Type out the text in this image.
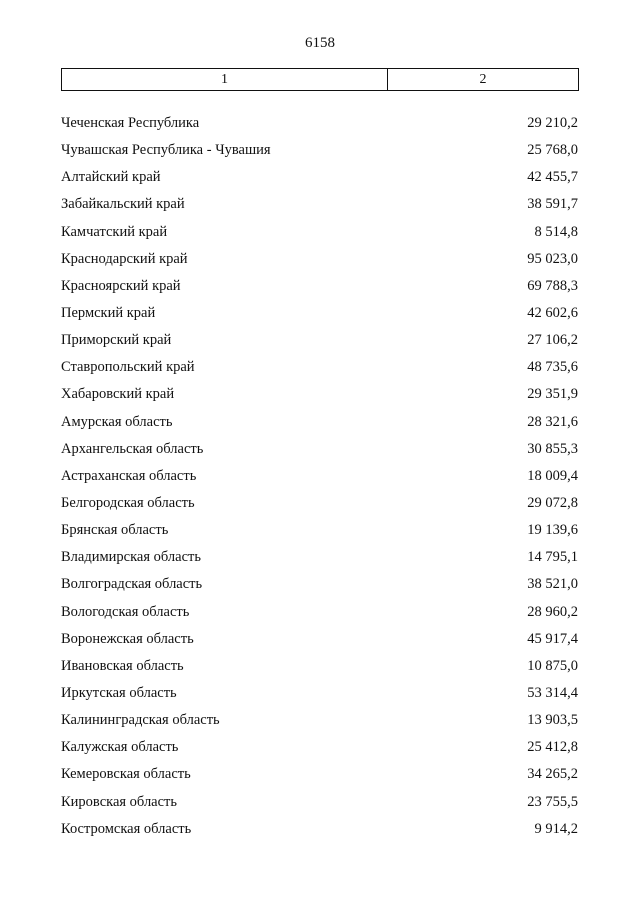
6158
1	2
Чеченская Республика	29 210,2
Чувашская Республика - Чувашия	25 768,0
Алтайский край	42 455,7
Забайкальский край	38 591,7
Камчатский край	8 514,8
Краснодарский край	95 023,0
Красноярский край	69 788,3
Пермский край	42 602,6
Приморский край	27 106,2
Ставропольский край	48 735,6
Хабаровский край	29 351,9
Амурская область	28 321,6
Архангельская область	30 855,3
Астраханская область	18 009,4
Белгородская область	29 072,8
Брянская область	19 139,6
Владимирская область	14 795,1
Волгоградская область	38 521,0
Вологодская область	28 960,2
Воронежская область	45 917,4
Ивановская область	10 875,0
Иркутская область	53 314,4
Калининградская область	13 903,5
Калужская область	25 412,8
Кемеровская область	34 265,2
Кировская область	23 755,5
Костромская область	9 914,2
